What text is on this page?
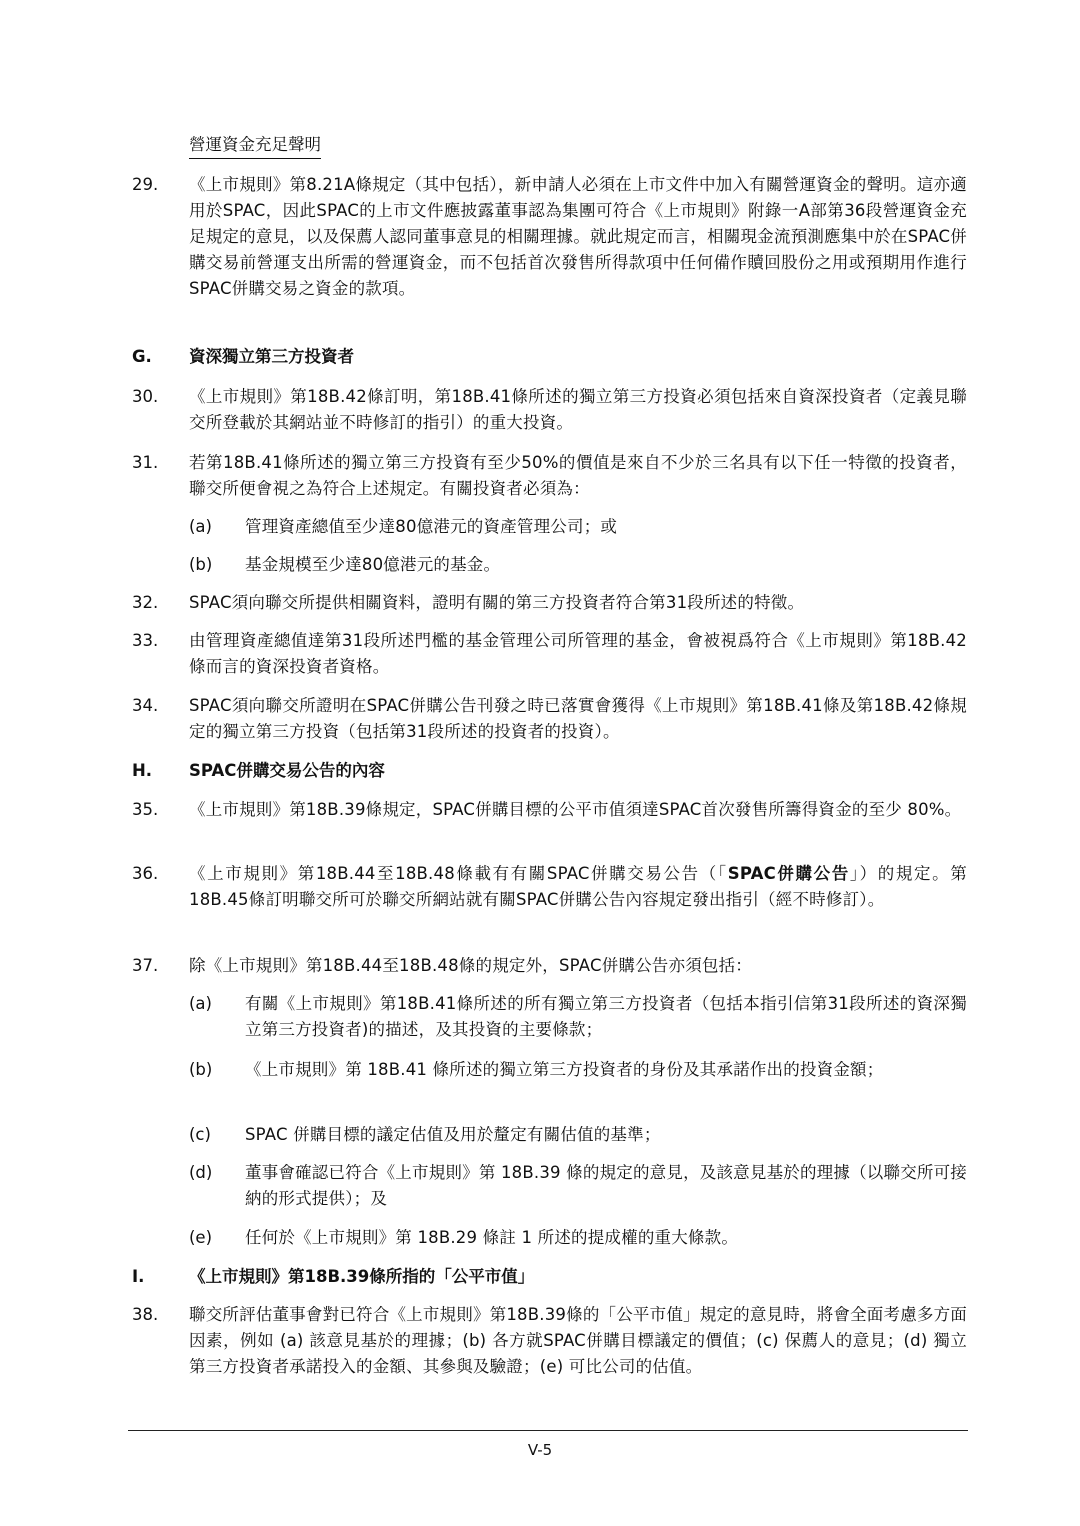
營運資金充足聲明
29. 《上市規則》第8.21A條規定（其中包括），新申請人必須在上市文件中加入有關營運資金的聲明。這亦適用於SPAC，因此SPAC的上市文件應披露董事認為集團可符合《上市規則》附錄一A部第36段營運資金充足規定的意見，以及保薦人認同董事意見的相關理據。就此規定而言，相關現金流預測應集中於在SPAC併購交易前營運支出所需的營運資金，而不包括首次發售所得款項中任何備作贖回股份之用或預期用作進行SPAC併購交易之資金的款項。
G. 資深獨立第三方投資者
30. 《上市規則》第18B.42條訂明，第18B.41條所述的獨立第三方投資必須包括來自資深投資者（定義見聯交所登載於其網站並不時修訂的指引）的重大投資。
31. 若第18B.41條所述的獨立第三方投資有至少50%的價值是來自不少於三名具有以下任一特徵的投資者，聯交所便會視之為符合上述規定。有關投資者必須為：
(a) 管理資產總值至少達80億港元的資產管理公司；或
(b) 基金規模至少達80億港元的基金。
32. SPAC須向聯交所提供相關資料，證明有關的第三方投資者符合第31段所述的特徵。
33. 由管理資產總值達第31段所述門檻的基金管理公司所管理的基金，會被視爲符合《上市規則》第18B.42條而言的資深投資者資格。
34. SPAC須向聯交所證明在SPAC併購公告刊發之時已落實會獲得《上市規則》第18B.41條及第18B.42條規定的獨立第三方投資（包括第31段所述的投資者的投資）。
H. SPAC併購交易公告的內容
35. 《上市規則》第18B.39條規定，SPAC併購目標的公平市值須達SPAC首次發售所籌得資金的至少 80%。
36. 《上市規則》第18B.44至18B.48條載有有關SPAC併購交易公告（「SPAC併購公告」）的規定。第18B.45條訂明聯交所可於聯交所網站就有關SPAC併購公告內容規定發出指引（經不時修訂）。
37. 除《上市規則》第18B.44至18B.48條的規定外，SPAC併購公告亦須包括：
(a) 有關《上市規則》第18B.41條所述的所有獨立第三方投資者（包括本指引信第31段所述的資深獨立第三方投資者)的描述，及其投資的主要條款；
(b) 《上市規則》第 18B.41 條所述的獨立第三方投資者的身份及其承諾作出的投資金額；
(c) SPAC 併購目標的議定估值及用於釐定有關估值的基準；
(d) 董事會確認已符合《上市規則》第 18B.39 條的規定的意見，及該意見基於的理據（以聯交所可接納的形式提供）；及
(e) 任何於《上市規則》第 18B.29 條註 1 所述的提成權的重大條款。
I.	《上市規則》第18B.39條所指的「公平市值」
38. 聯交所評估董事會對已符合《上市規則》第18B.39條的「公平市值」規定的意見時，將會全面考慮多方面因素，例如 (a) 該意見基於的理據；(b) 各方就SPAC併購目標議定的價值；(c) 保薦人的意見；(d) 獨立第三方投資者承諾投入的金額、其參與及驗證；(e) 可比公司的估值。
V-5
